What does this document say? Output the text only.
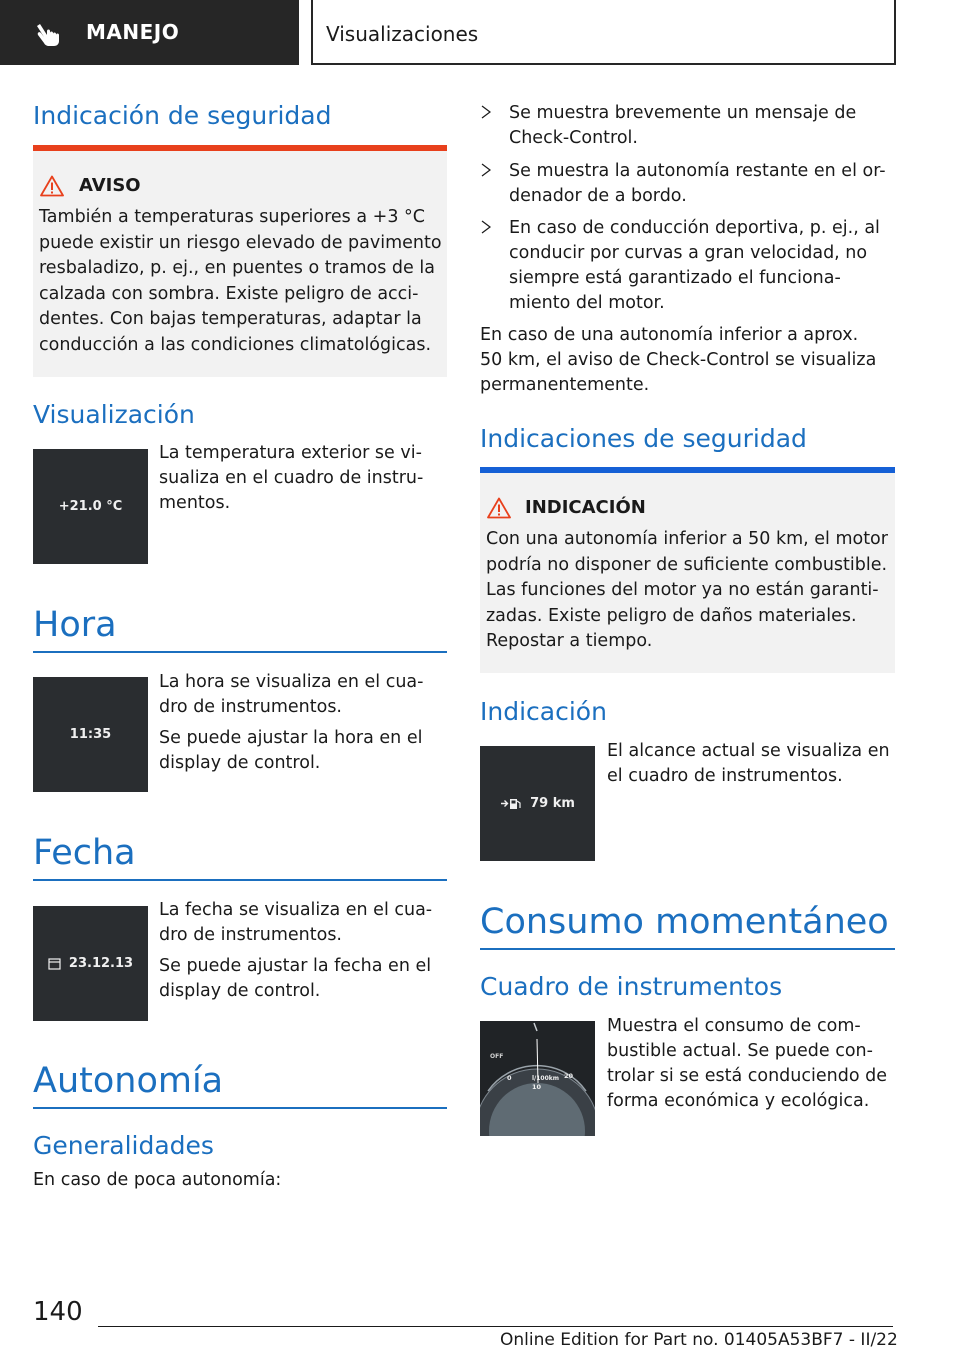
MANEJO	Visualizaciones
Indicación de seguridad
AVISO
También a temperaturas superiores a +3 °C
puede existir un riesgo elevado de pavimento
resbaladizo, p. ej., en puentes o tramos de la
calzada con sombra. Existe peligro de acci-
dentes. Con bajas temperaturas, adaptar la
conducción a las condiciones climatológicas.
Visualización
+21.0 °C
La temperatura exterior se vi-
sualiza en el cuadro de instru-
mentos.
Hora
11:35
La hora se visualiza en el cua-
dro de instrumentos.
Se puede ajustar la hora en el
display de control.
Fecha
23.12.13
La fecha se visualiza en el cua-
dro de instrumentos.
Se puede ajustar la fecha en el
display de control.
Autonomía
Generalidades
En caso de poca autonomía:
Se muestra brevemente un mensaje de
Check-Control.
Se muestra la autonomía restante en el or-
denador de a bordo.
En caso de conducción deportiva, p. ej., al
conducir por curvas a gran velocidad, no
siempre está garantizado el funciona-
miento del motor.
En caso de una autonomía inferior a aprox.
50 km, el aviso de Check-Control se visualiza
permanentemente.
Indicaciones de seguridad
INDICACIÓN
Con una autonomía inferior a 50 km, el motor
podría no disponer de suficiente combustible.
Las funciones del motor ya no están garanti-
zadas. Existe peligro de daños materiales.
Repostar a tiempo.
Indicación
79 km
El alcance actual se visualiza en
el cuadro de instrumentos.
Consumo momentáneo
Cuadro de instrumentos
OFF
0	l/100km
10
20
Muestra el consumo de com-
bustible actual. Se puede con-
trolar si se está conduciendo de
forma económica y ecológica.
140
Online Edition for Part no. 01405A53BF7 - II/22
